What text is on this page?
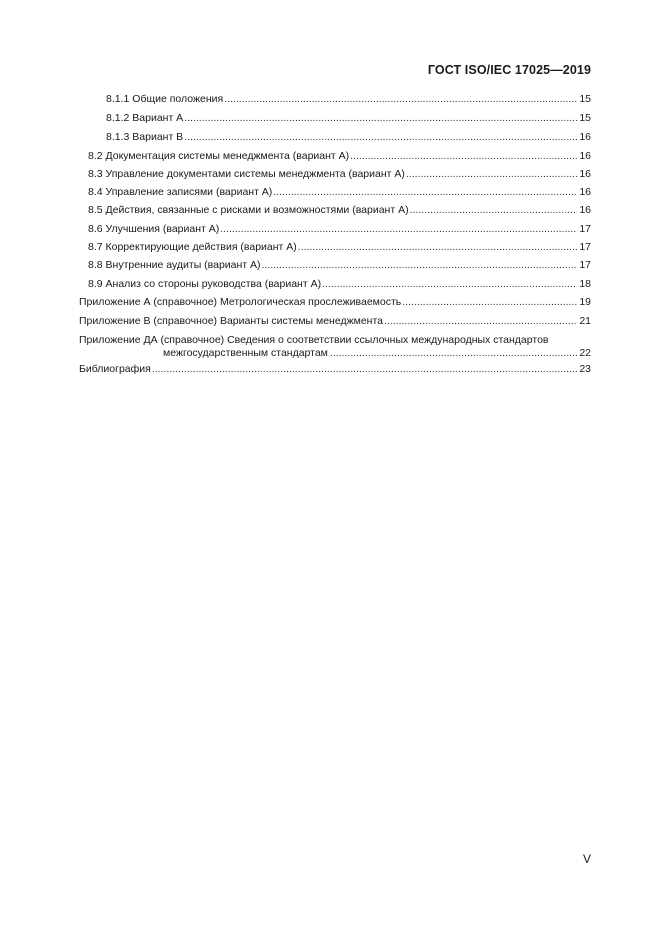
ГОСТ ISO/IEC 17025—2019
8.1.1 Общие положения .....	15
8.1.2 Вариант А .....	15
8.1.3 Вариант В .....	16
8.2 Документация системы менеджмента (вариант А) .....	16
8.3 Управление документами системы менеджмента (вариант А) .....	16
8.4 Управление записями (вариант А) .....	16
8.5 Действия, связанные с рисками и возможностями (вариант А) .....	16
8.6 Улучшения (вариант А) .....	17
8.7 Корректирующие действия (вариант А) .....	17
8.8 Внутренние аудиты (вариант А) .....	17
8.9 Анализ со стороны руководства (вариант А) .....	18
Приложение А (справочное) Метрологическая прослеживаемость .....	19
Приложение В (справочное) Варианты системы менеджмента .....	21
Приложение ДА (справочное) Сведения о соответствии ссылочных международных стандартов
межгосударственным стандартам .....	22
Библиография .....	23
V
